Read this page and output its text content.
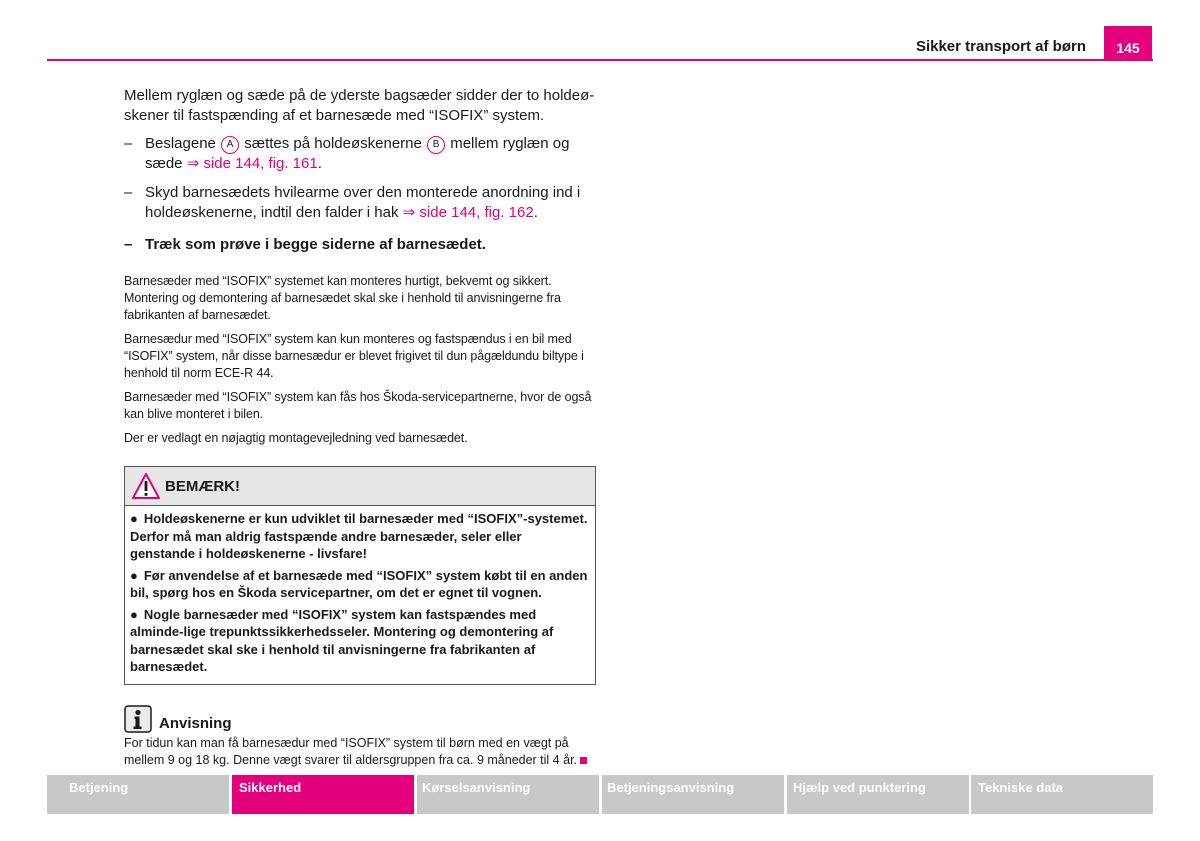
Sikker transport af børn	145

Mellem ryglæn og sæde på de yderste bagsæder sidder der to holdeø-skener til fastspænding af et barnesæde med “ISOFIX” system.

– Beslagene A sættes på holdeøskenerne B mellem ryglæn og sæde ⇒ side 144, fig. 161.
– Skyd barnesædets hvilearme over den monterede anordning ind i holdeøskenerne, indtil den falder i hak ⇒ side 144, fig. 162.
– Træk som prøve i begge siderne af barnesædet.

Barnesæder med “ISOFIX” systemet kan monteres hurtigt, bekvemt og sikkert. Montering og demontering af barnesædet skal ske i henhold til anvisningerne fra fabrikanten af barnesædet.

Barnesædur med “ISOFIX” system kan kun monteres og fastspændus i en bil med “ISOFIX” system, når disse barnesædur er blevet frigivet til dun pågældundu biltype i henhold til norm ECE-R 44.

Barnesæder med “ISOFIX” system kan fås hos Škoda-servicepartnerne, hvor de også kan blive monteret i bilen.

Der er vedlagt en nøjagtig montagevejledning ved barnesædet.

BEMÆRK!

● Holdeøskenerne er kun udviklet til barnesæder med “ISOFIX”-systemet. Derfor må man aldrig fastspænde andre barnesæder, seler eller genstande i holdeøskenerne - livsfare!

● Før anvendelse af et barnesæde med “ISOFIX” system købt til en anden bil, spørg hos en Škoda servicepartner, om det er egnet til vognen.

● Nogle barnesæder med “ISOFIX” system kan fastspændes med alminde-lige trepunktssikkerhedsseler. Montering og demontering af barnesædet skal ske i henhold til anvisningerne fra fabrikanten af barnesædet.

Anvisning

For tidun kan man få barnesædur med “ISOFIX” system til børn med en vægt på mellem 9 og 18 kg. Denne vægt svarer til aldersgruppen fra ca. 9 måneder til 4 år.

Betjening	Sikkerhed	Kørselsanvisning	Betjeningsanvisning	Hjælp ved punktering	Tekniske data
